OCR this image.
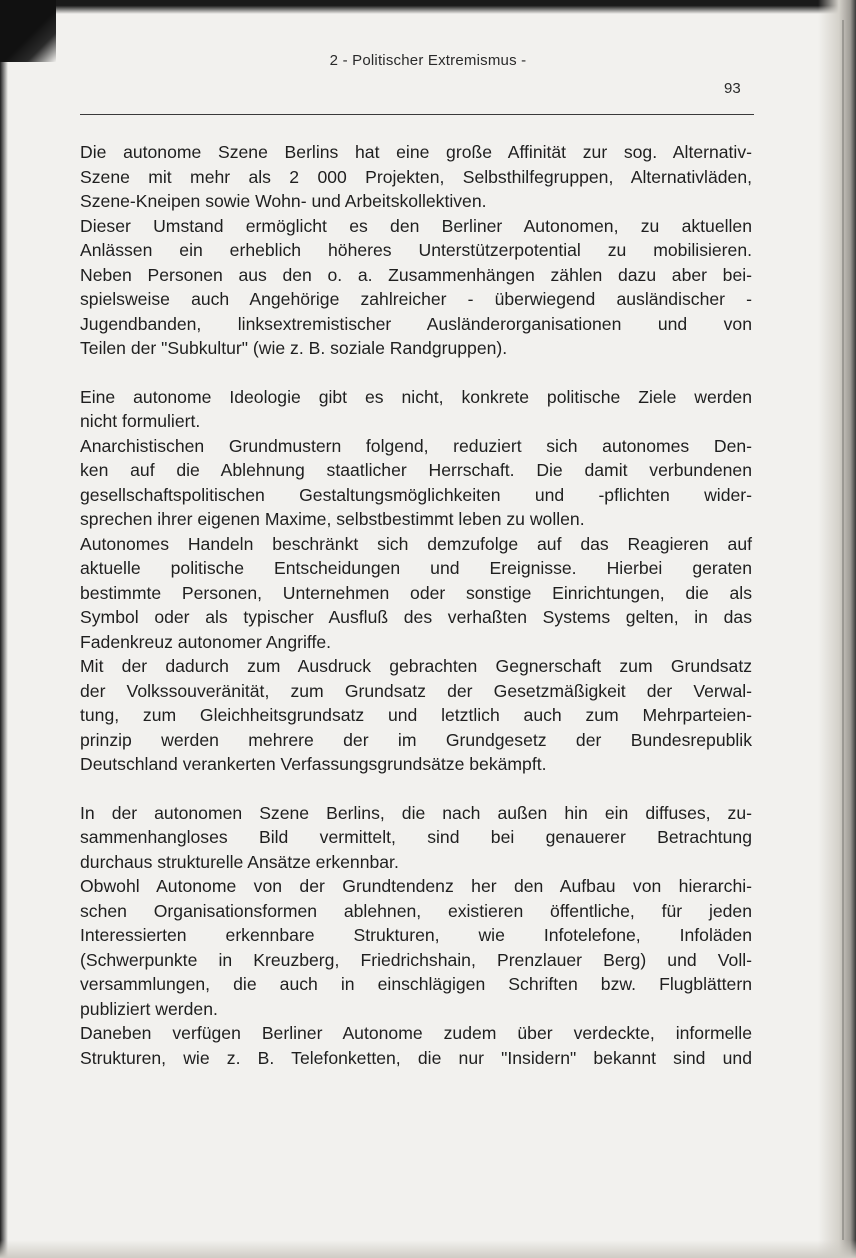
2 - Politischer Extremismus -
93
Die autonome Szene Berlins hat eine große Affinität zur sog. Alternativ-
Szene mit mehr als 2 000 Projekten, Selbsthilfegruppen, Alternativläden,
Szene-Kneipen sowie Wohn- und Arbeitskollektiven.
Dieser Umstand ermöglicht es den Berliner Autonomen, zu aktuellen
Anlässen ein erheblich höheres Unterstützerpotential zu mobilisieren.
Neben Personen aus den o. a. Zusammenhängen zählen dazu aber bei-
spielsweise auch Angehörige zahlreicher - überwiegend ausländischer -
Jugendbanden, linksextremistischer Ausländerorganisationen und von
Teilen der "Subkultur" (wie z. B. soziale Randgruppen).
Eine autonome Ideologie gibt es nicht, konkrete politische Ziele werden
nicht formuliert.
Anarchistischen Grundmustern folgend, reduziert sich autonomes Den-
ken auf die Ablehnung staatlicher Herrschaft. Die damit verbundenen
gesellschaftspolitischen Gestaltungsmöglichkeiten und -pflichten wider-
sprechen ihrer eigenen Maxime, selbstbestimmt leben zu wollen.
Autonomes Handeln beschränkt sich demzufolge auf das Reagieren auf
aktuelle politische Entscheidungen und Ereignisse. Hierbei geraten
bestimmte Personen, Unternehmen oder sonstige Einrichtungen, die als
Symbol oder als typischer Ausfluß des verhaßten Systems gelten, in das
Fadenkreuz autonomer Angriffe.
Mit der dadurch zum Ausdruck gebrachten Gegnerschaft zum Grundsatz
der Volkssouveränität, zum Grundsatz der Gesetzmäßigkeit der Verwal-
tung, zum Gleichheitsgrundsatz und letztlich auch zum Mehrparteien-
prinzip werden mehrere der im Grundgesetz der Bundesrepublik
Deutschland verankerten Verfassungsgrundsätze bekämpft.
In der autonomen Szene Berlins, die nach außen hin ein diffuses, zu-
sammenhangloses Bild vermittelt, sind bei genauerer Betrachtung
durchaus strukturelle Ansätze erkennbar.
Obwohl Autonome von der Grundtendenz her den Aufbau von hierarchi-
schen Organisationsformen ablehnen, existieren öffentliche, für jeden
Interessierten erkennbare Strukturen, wie Infotelefone, Infoläden
(Schwerpunkte in Kreuzberg, Friedrichshain, Prenzlauer Berg) und Voll-
versammlungen, die auch in einschlägigen Schriften bzw. Flugblättern
publiziert werden.
Daneben verfügen Berliner Autonome zudem über verdeckte, informelle
Strukturen, wie z. B. Telefonketten, die nur "Insidern" bekannt sind und
